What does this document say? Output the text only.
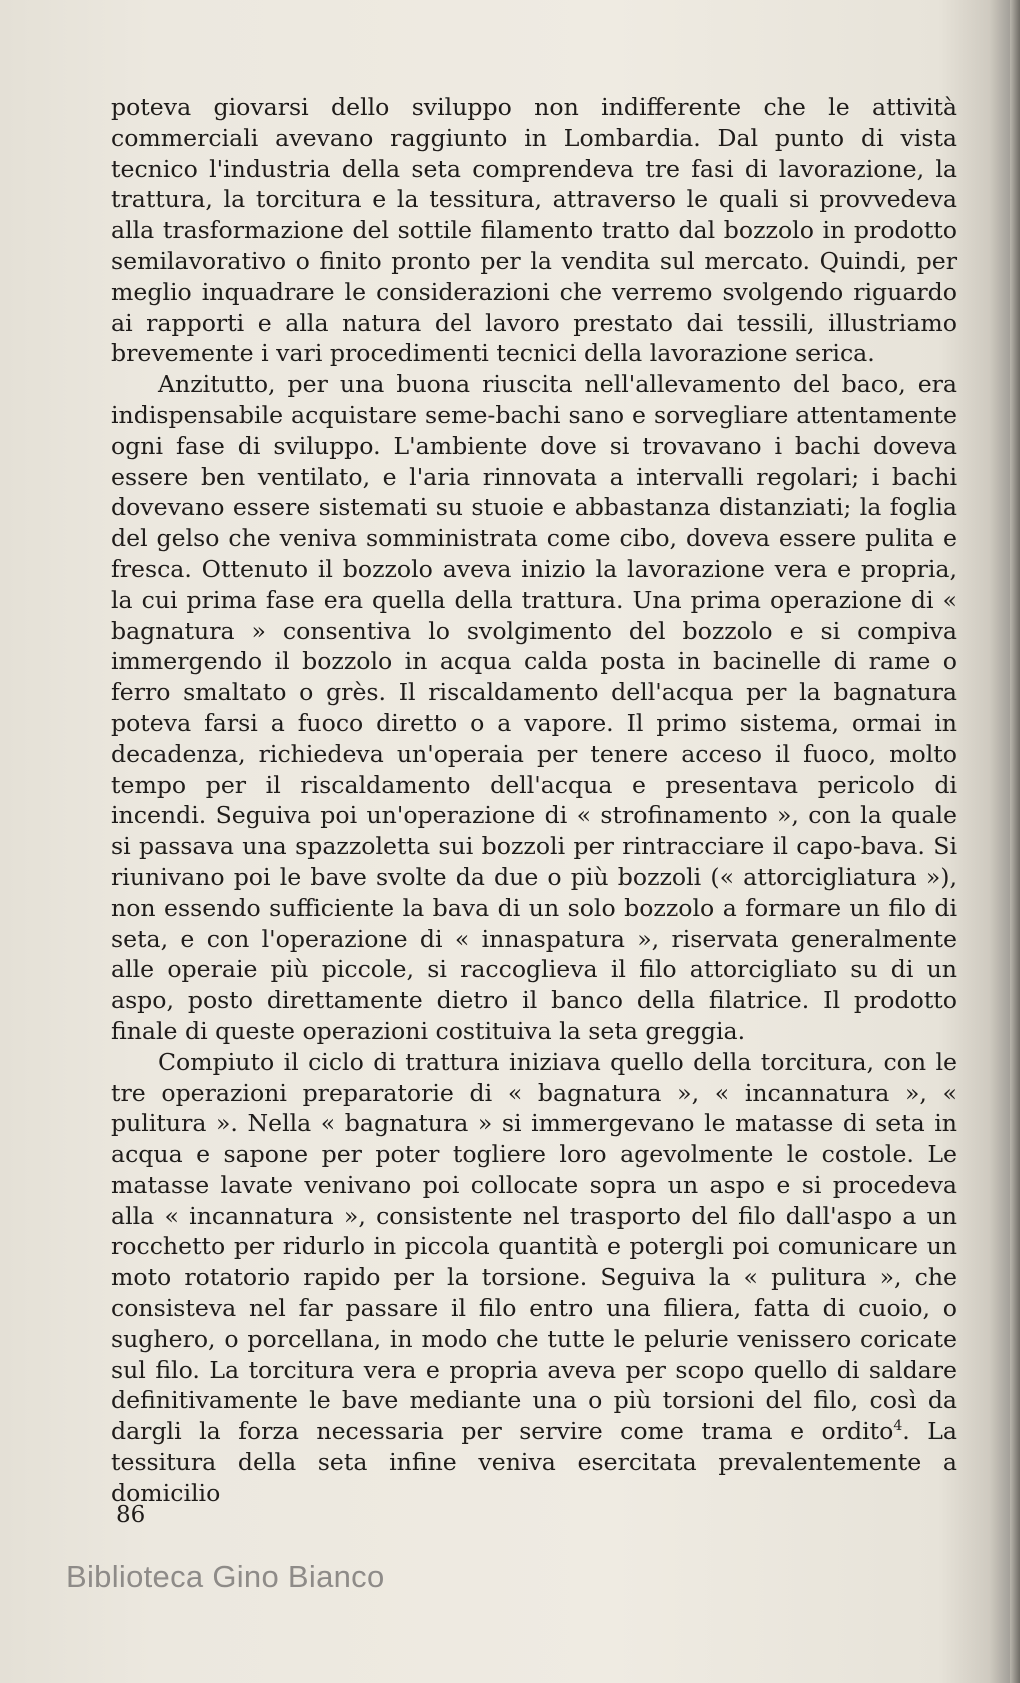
poteva giovarsi dello sviluppo non indifferente che le attività commerciali avevano raggiunto in Lombardia. Dal punto di vista tecnico l'industria della seta comprendeva tre fasi di lavorazione, la trattura, la torcitura e la tessitura, attraverso le quali si provvedeva alla trasformazione del sottile filamento tratto dal bozzolo in prodotto semilavorativo o finito pronto per la vendita sul mercato. Quindi, per meglio inquadrare le considerazioni che verremo svolgendo riguardo ai rapporti e alla natura del lavoro prestato dai tessili, illustriamo brevemente i vari procedimenti tecnici della lavorazione serica.

Anzitutto, per una buona riuscita nell'allevamento del baco, era indispensabile acquistare seme-bachi sano e sorvegliare attentamente ogni fase di sviluppo. L'ambiente dove si trovavano i bachi doveva essere ben ventilato, e l'aria rinnovata a intervalli regolari; i bachi dovevano essere sistemati su stuoie e abbastanza distanziati; la foglia del gelso che veniva somministrata come cibo, doveva essere pulita e fresca. Ottenuto il bozzolo aveva inizio la lavorazione vera e propria, la cui prima fase era quella della trattura. Una prima operazione di « bagnatura » consentiva lo svolgimento del bozzolo e si compiva immergendo il bozzolo in acqua calda posta in bacinelle di rame o ferro smaltato o grès. Il riscaldamento dell'acqua per la bagnatura poteva farsi a fuoco diretto o a vapore. Il primo sistema, ormai in decadenza, richiedeva un'operaia per tenere acceso il fuoco, molto tempo per il riscaldamento dell'acqua e presentava pericolo di incendi. Seguiva poi un'operazione di « strofinamento », con la quale si passava una spazzoletta sui bozzoli per rintracciare il capo-bava. Si riunivano poi le bave svolte da due o più bozzoli (« attorcigliatura »), non essendo sufficiente la bava di un solo bozzolo a formare un filo di seta, e con l'operazione di « innaspatura », riservata generalmente alle operaie più piccole, si raccoglieva il filo attorcigliato su di un aspo, posto direttamente dietro il banco della filatrice. Il prodotto finale di queste operazioni costituiva la seta greggia.

Compiuto il ciclo di trattura iniziava quello della torcitura, con le tre operazioni preparatorie di « bagnatura », « incannatura », « pulitura ». Nella « bagnatura » si immergevano le matasse di seta in acqua e sapone per poter togliere loro agevolmente le costole. Le matasse lavate venivano poi collocate sopra un aspo e si procedeva alla « incannatura », consistente nel trasporto del filo dall'aspo a un rocchetto per ridurlo in piccola quantità e potergli poi comunicare un moto rotatorio rapido per la torsione. Seguiva la « pulitura », che consisteva nel far passare il filo entro una filiera, fatta di cuoio, o sughero, o porcellana, in modo che tutte le pelurie venissero coricate sul filo. La torcitura vera e propria aveva per scopo quello di saldare definitivamente le bave mediante una o più torsioni del filo, così da dargli la forza necessaria per servire come trama e ordito$^4$. La tessitura della seta infine veniva esercitata prevalentemente a domicilio

86
Biblioteca Gino Bianco
